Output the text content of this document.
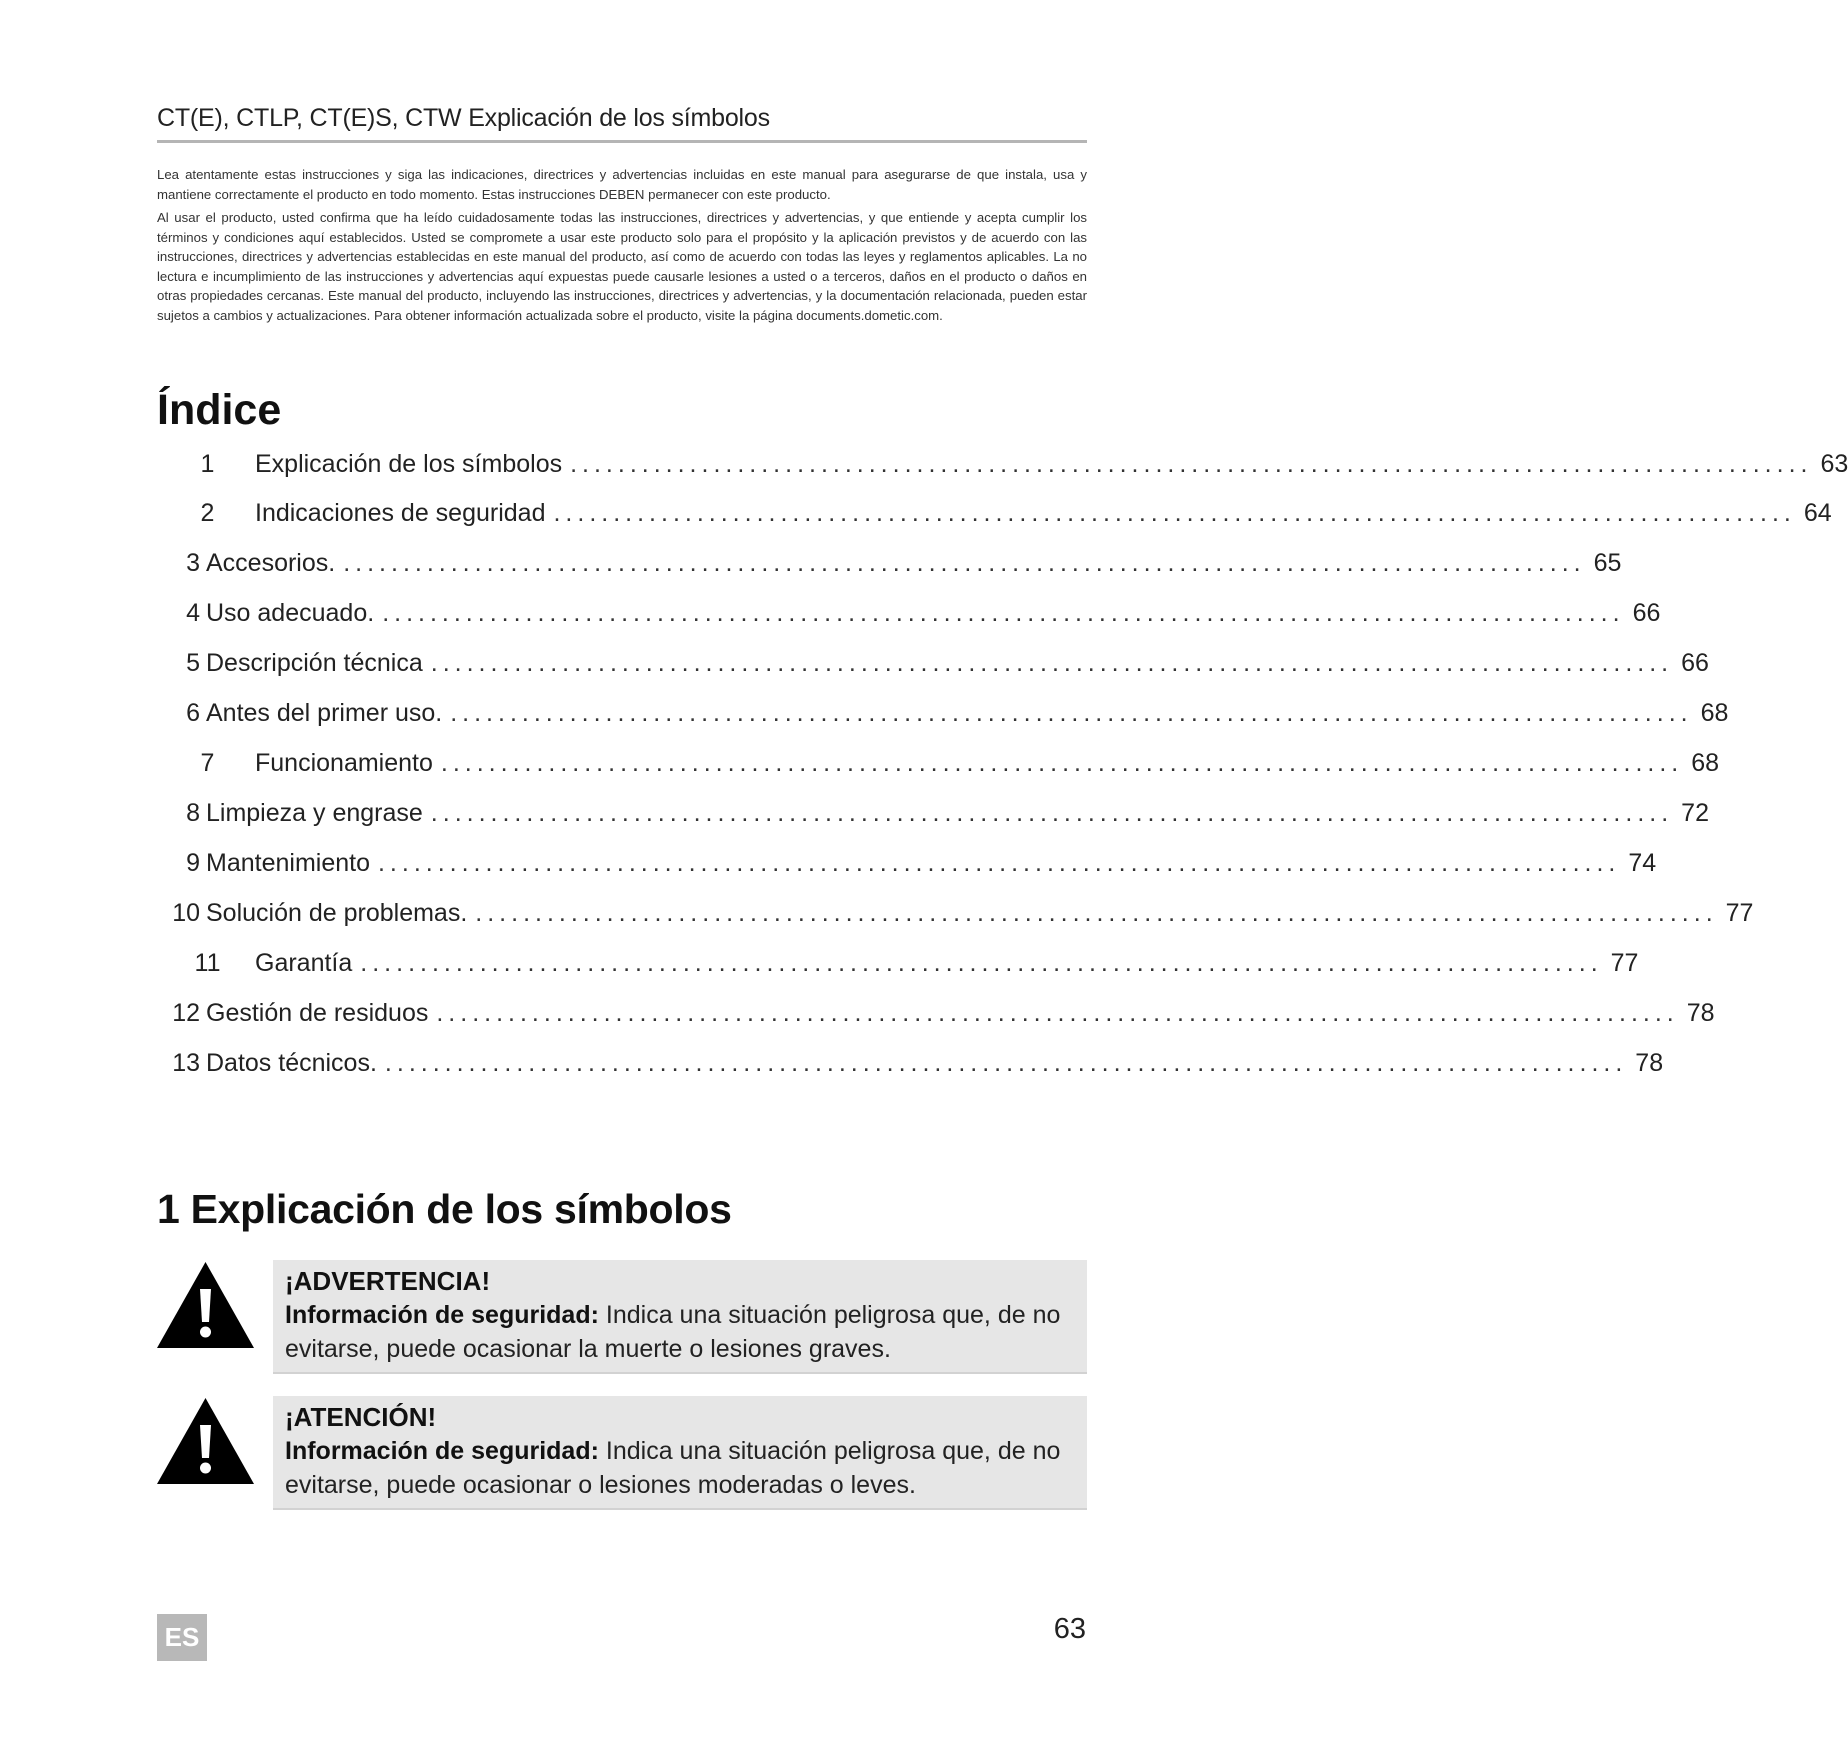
CT(E), CTLP, CT(E)S, CTW Explicación de los símbolos

Lea atentamente estas instrucciones y siga las indicaciones, directrices y advertencias incluidas en este manual para asegurarse de que instala, usa y mantiene correctamente el producto en todo momento. Estas instrucciones DEBEN permanecer con este producto.

Al usar el producto, usted confirma que ha leído cuidadosamente todas las instrucciones, directrices y advertencias, y que entiende y acepta cumplir los términos y condiciones aquí establecidos. Usted se compromete a usar este producto solo para el propósito y la aplicación previstos y de acuerdo con las instrucciones, directrices y advertencias establecidas en este manual del producto, así como de acuerdo con todas las leyes y reglamentos aplicables. La no lectura e incumplimiento de las instrucciones y advertencias aquí expuestas puede causarle lesiones a usted o a terceros, daños en el producto o daños en otras propiedades cercanas. Este manual del producto, incluyendo las instrucciones, directrices y advertencias, y la documentación relacionada, pueden estar sujetos a cambios y actualizaciones. Para obtener información actualizada sobre el producto, visite la página documents.dometic.com.

Índice
1	Explicación de los símbolos ........................................................................................................ 63
2	Indicaciones de seguridad ........................................................................................................ 64
3 Accesorios. ........................................................................................................ 65
4 Uso adecuado. ........................................................................................................ 66
5 Descripción técnica ........................................................................................................ 66
6 Antes del primer uso. ........................................................................................................ 68
7	Funcionamiento ........................................................................................................ 68
8 Limpieza y engrase ........................................................................................................ 72
9 Mantenimiento ........................................................................................................ 74
10 Solución de problemas. ........................................................................................................ 77
11	Garantía ........................................................................................................ 77
12 Gestión de residuos ........................................................................................................ 78
13 Datos técnicos. ........................................................................................................ 78
1 Explicación de los símbolos
¡ADVERTENCIA!
Información de seguridad: Indica una situación peligrosa que, de no evitarse, puede ocasionar la muerte o lesiones graves.
¡ATENCIÓN!
Información de seguridad: Indica una situación peligrosa que, de no evitarse, puede ocasionar o lesiones moderadas o leves.
ES	63
